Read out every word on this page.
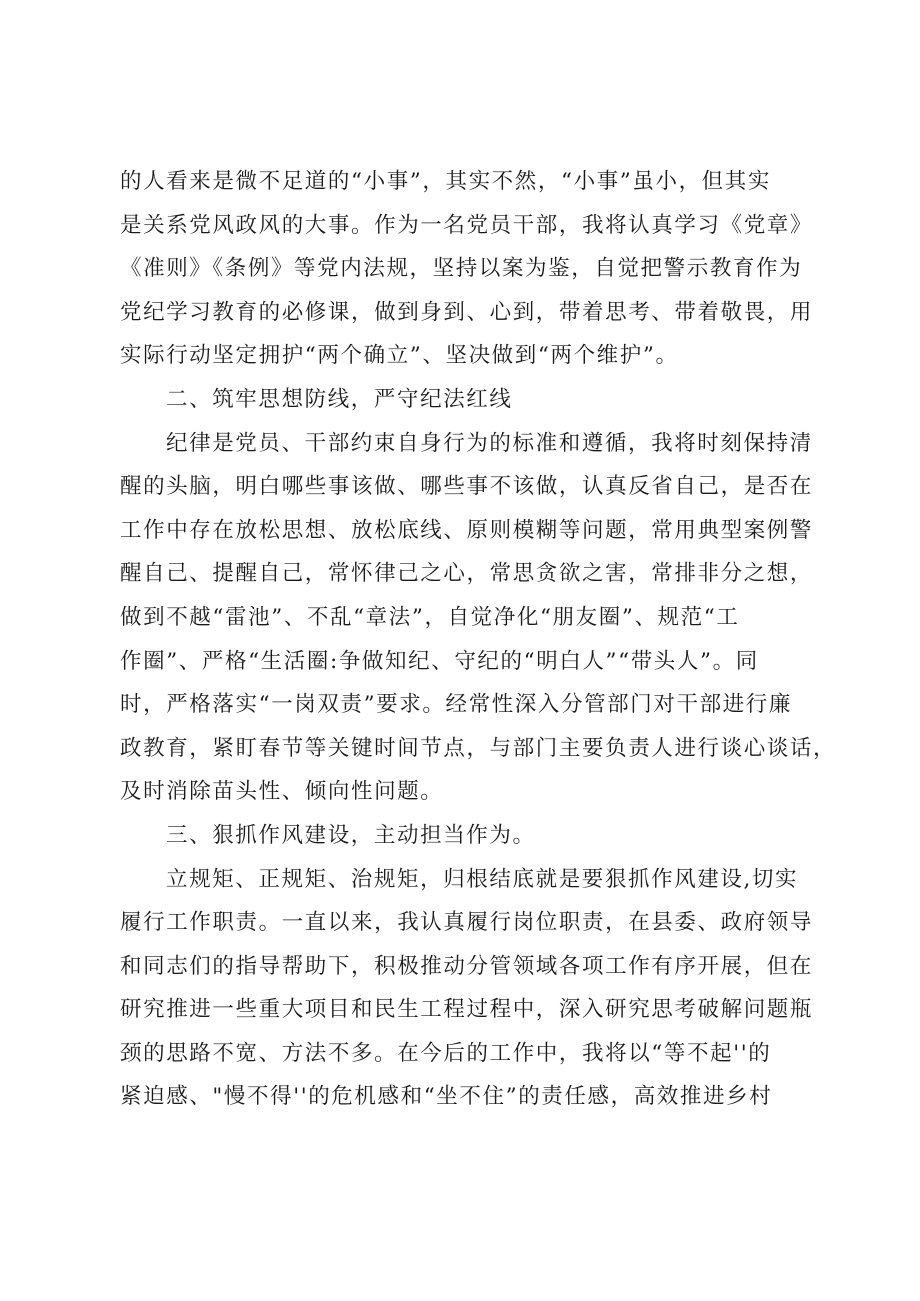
的人看来是微不足道的“小事”，其实不然，“小事”虽小，但其实
是关系党风政风的大事。作为一名党员干部，我将认真学习《党章》
《准则》《条例》等党内法规，坚持以案为鉴，自觉把警示教育作为
党纪学习教育的必修课，做到身到、心到，带着思考、带着敬畏，用
实际行动坚定拥护“两个确立”、坚决做到“两个维护”。
二、筑牢思想防线，严守纪法红线
纪律是党员、干部约束自身行为的标准和遵循，我将时刻保持清
醒的头脑，明白哪些事该做、哪些事不该做，认真反省自己，是否在
工作中存在放松思想、放松底线、原则模糊等问题，常用典型案例警
醒自己、提醒自己，常怀律己之心，常思贪欲之害，常排非分之想，
做到不越“雷池”、不乱“章法”，自觉净化“朋友圈”、规范“工
作圈”、严格“生活圈:争做知纪、守纪的“明白人”“带头人”。同
时，严格落实“一岗双责”要求。经常性深入分管部门对干部进行廉
政教育，紧盯春节等关键时间节点，与部门主要负责人进行谈心谈话，
及时消除苗头性、倾向性问题。
三、狠抓作风建设，主动担当作为。
立规矩、正规矩、治规矩，归根结底就是要狠抓作风建设,切实
履行工作职责。一直以来，我认真履行岗位职责，在县委、政府领导
和同志们的指导帮助下，积极推动分管领域各项工作有序开展，但在
研究推进一些重大项目和民生工程过程中，深入研究思考破解问题瓶
颈的思路不宽、方法不多。在今后的工作中，我将以“等不起''的
紧迫感、"慢不得''的危机感和“坐不住”的责任感，高效推进乡村
